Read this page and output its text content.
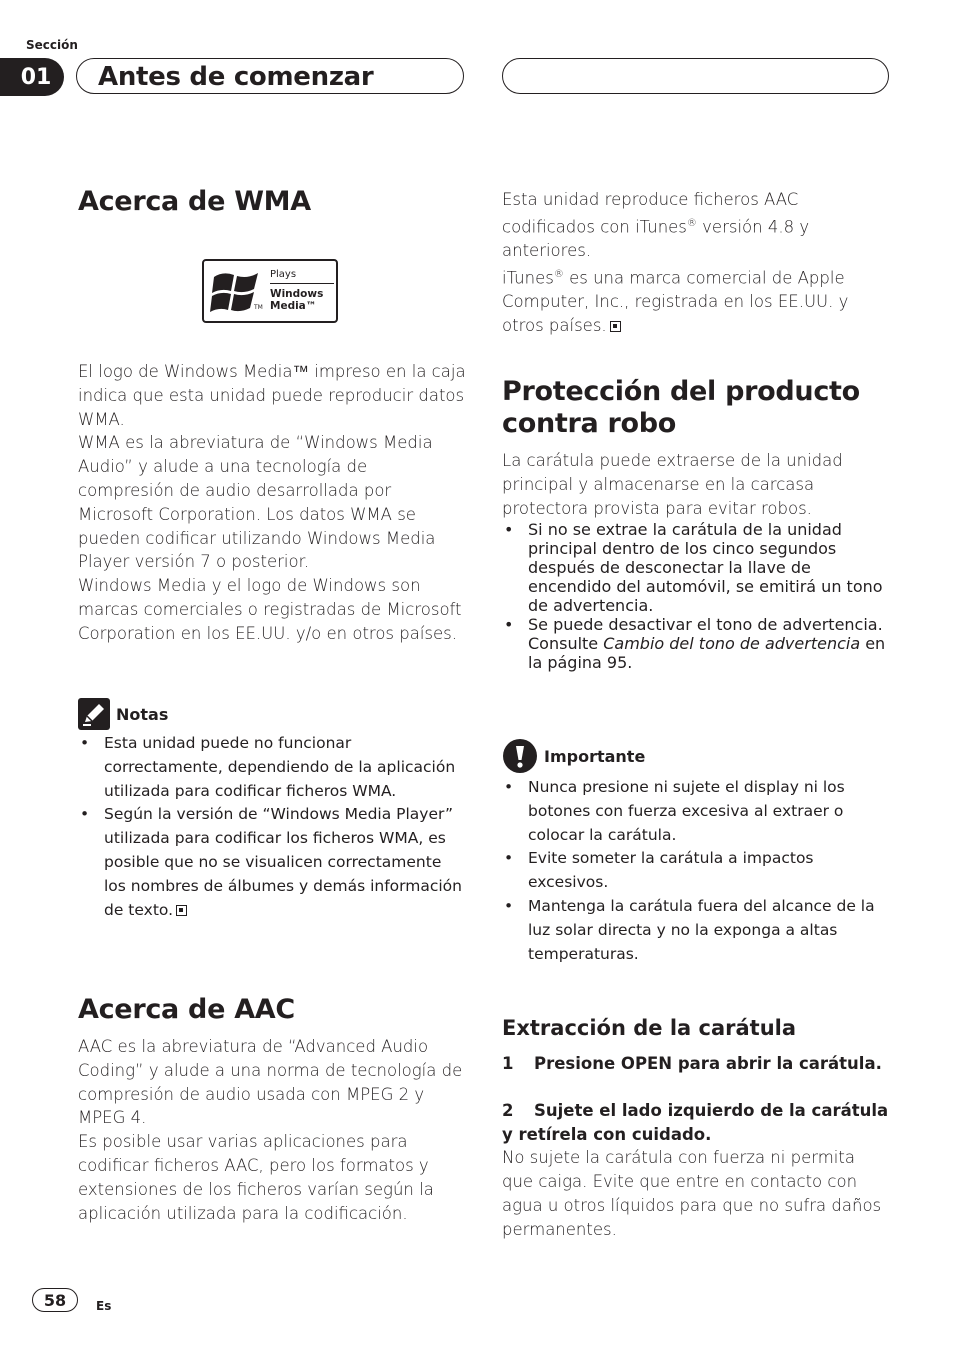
Sección
01 Antes de comenzar
Acerca de WMA
TM
Plays
Windows
Media™

El logo de Windows Media™ impreso en la caja indica que esta unidad puede reproducir datos WMA.

WMA es la abreviatura de “Windows Media Audio” y alude a una tecnología de compresión de audio desarrollada por Microsoft Corporation. Los datos WMA se pueden codificar utilizando Windows Media Player versión 7 o posterior.

Windows Media y el logo de Windows son marcas comerciales o registradas de Microsoft Corporation en los EE.UU. y/o en otros países.

Notas
• Esta unidad puede no funcionar correctamente, dependiendo de la aplicación utilizada para codificar ficheros WMA.
• Según la versión de “Windows Media Player” utilizada para codificar los ficheros WMA, es posible que no se visualicen correctamente los nombres de álbumes y demás información de texto.
Acerca de AAC

AAC es la abreviatura de “Advanced Audio Coding” y alude a una norma de tecnología de compresión de audio usada con MPEG 2 y MPEG 4.

Es posible usar varias aplicaciones para codificar ficheros AAC, pero los formatos y extensiones de los ficheros varían según la aplicación utilizada para la codificación.

Esta unidad reproduce ficheros AAC codificados con iTunes® versión 4.8 y anteriores.

iTunes® es una marca comercial de Apple Computer, Inc., registrada en los EE.UU. y otros países.

Protección del producto
contra robo

La carátula puede extraerse de la unidad principal y almacenarse en la carcasa protectora provista para evitar robos.

• Si no se extrae la carátula de la unidad principal dentro de los cinco segundos después de desconectar la llave de encendido del automóvil, se emitirá un tono de advertencia.
• Se puede desactivar el tono de advertencia. Consulte Cambio del tono de advertencia en la página 95.
Importante
• Nunca presione ni sujete el display ni los botones con fuerza excesiva al extraer o colocar la carátula.
• Evite someter la carátula a impactos excesivos.
• Mantenga la carátula fuera del alcance de la luz solar directa y no la exponga a altas temperaturas.
Extracción de la carátula

1 Presione OPEN para abrir la carátula.

2 Sujete el lado izquierdo de la carátula y retírela con cuidado.

No sujete la carátula con fuerza ni permita que caiga. Evite que entre en contacto con agua u otros líquidos para que no sufra daños permanentes.

58	Es
